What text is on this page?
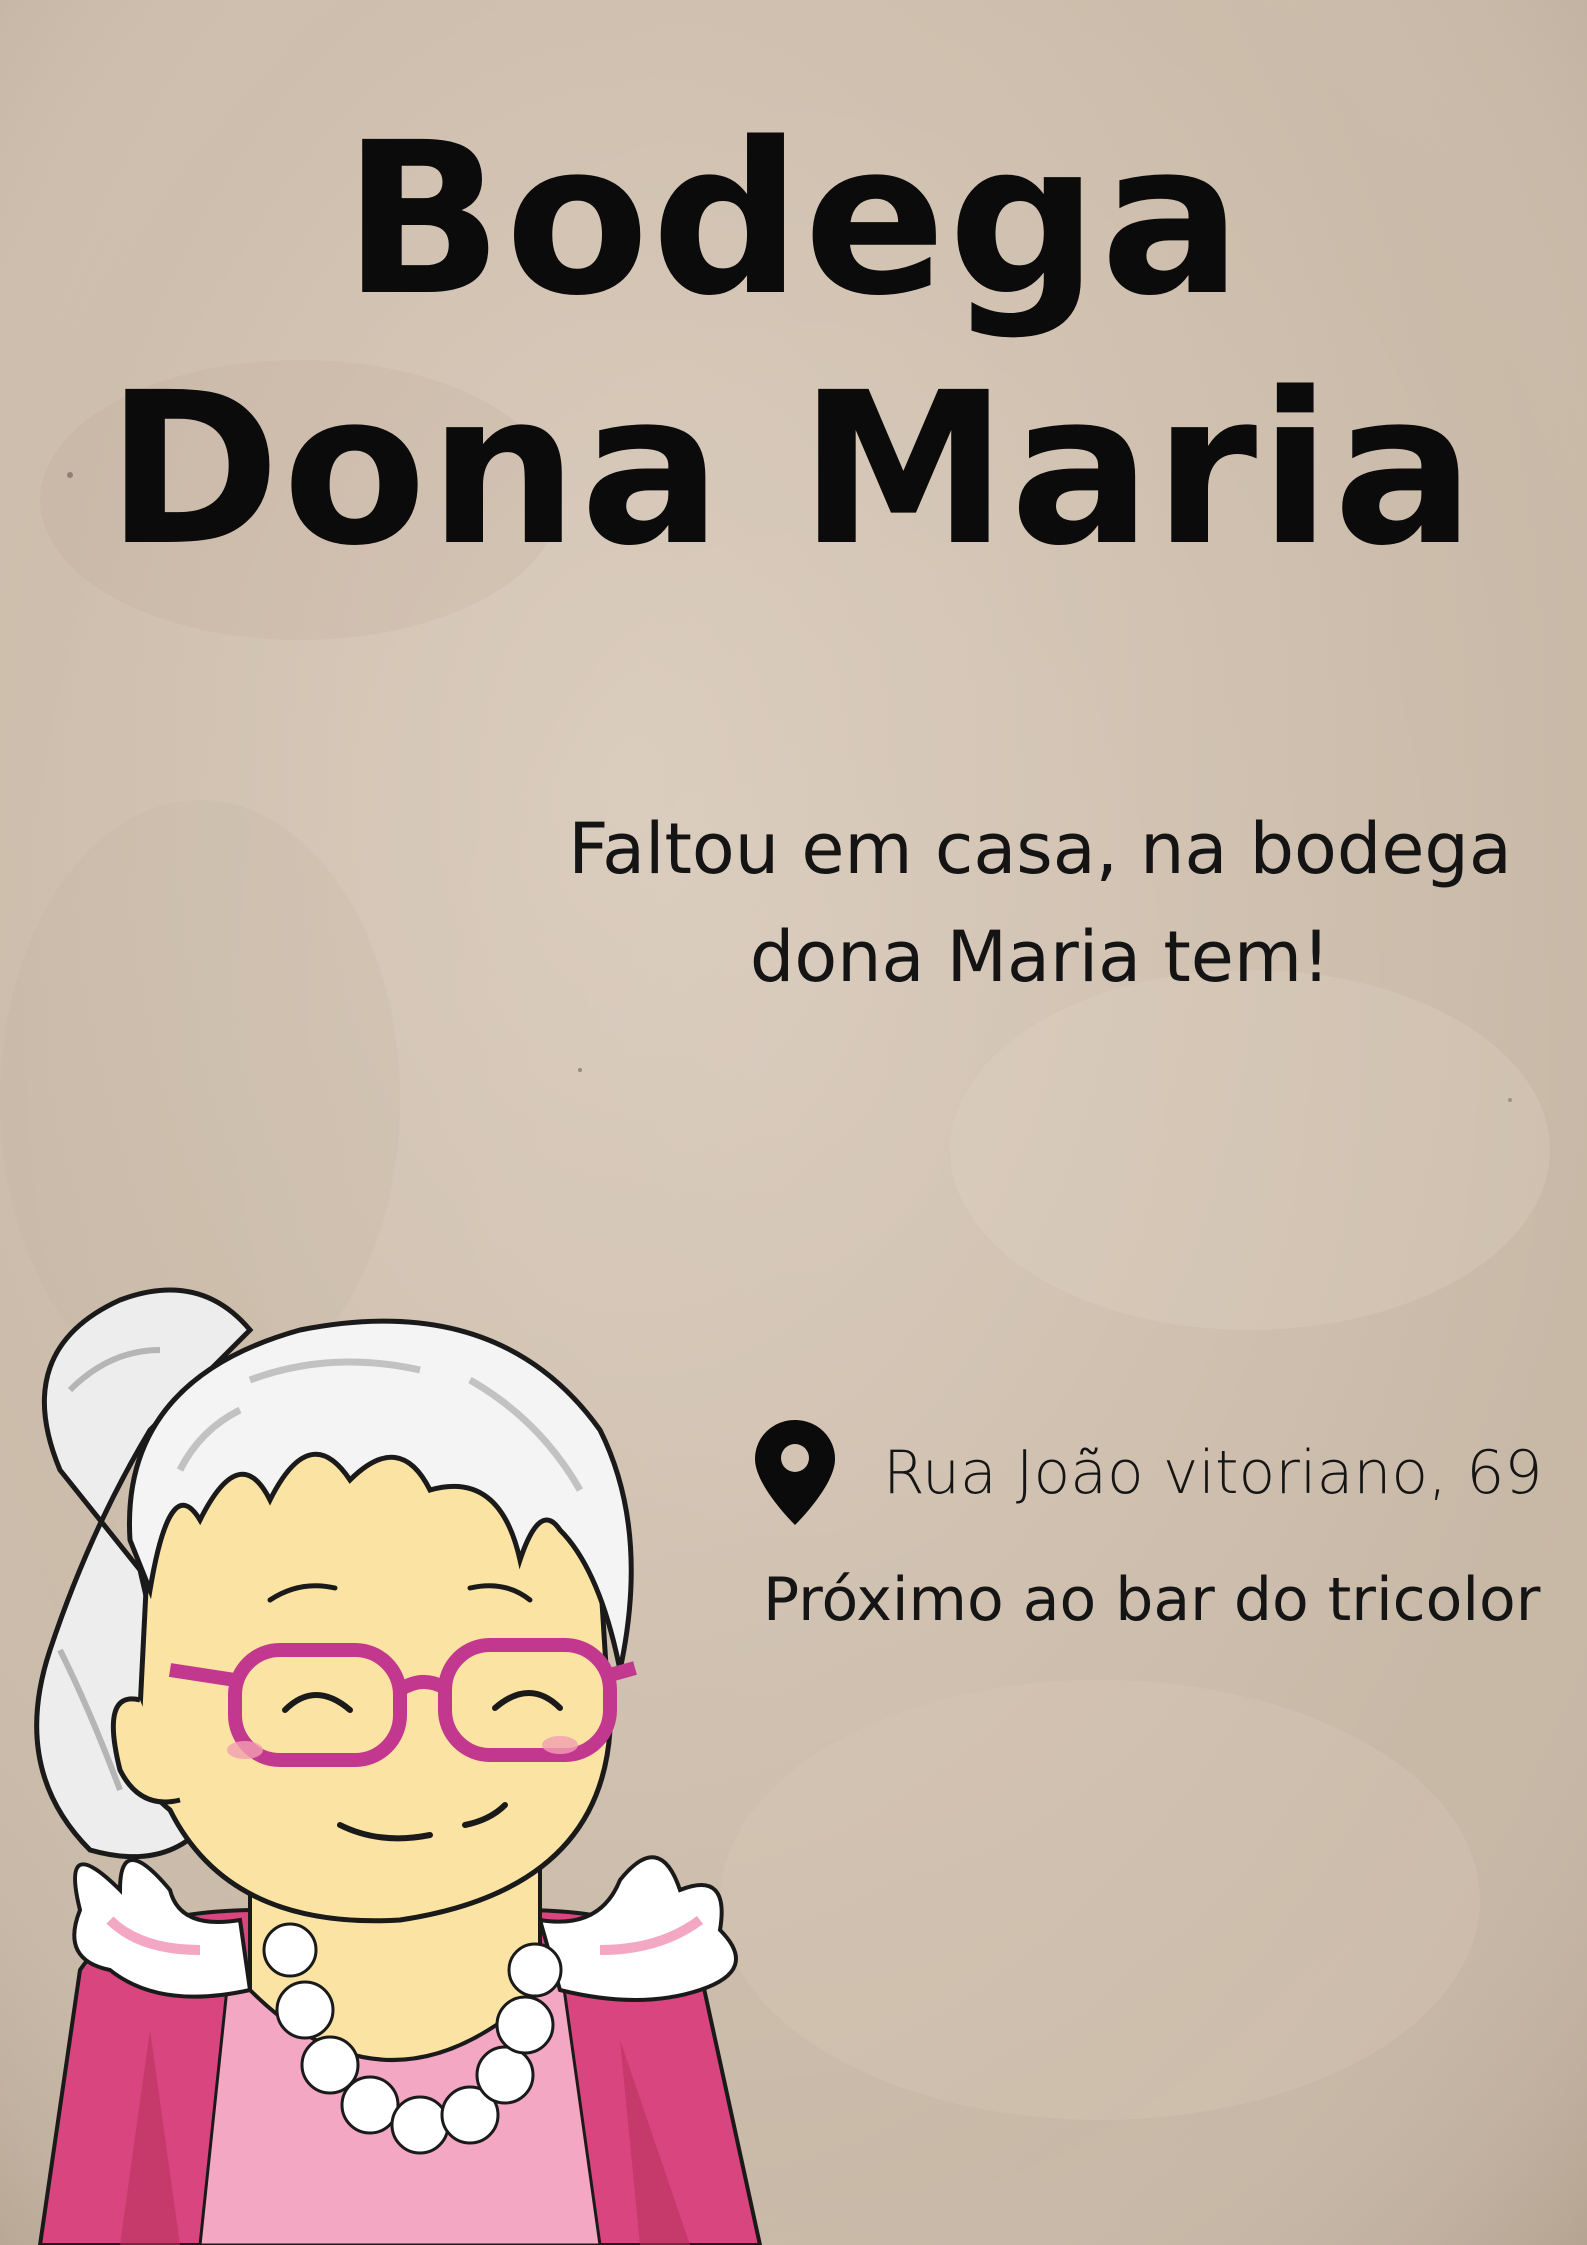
Bodega
Dona Maria
Faltou em casa, na bodega
dona Maria tem!

Rua João vitoriano, 69

Próximo ao bar do tricolor
